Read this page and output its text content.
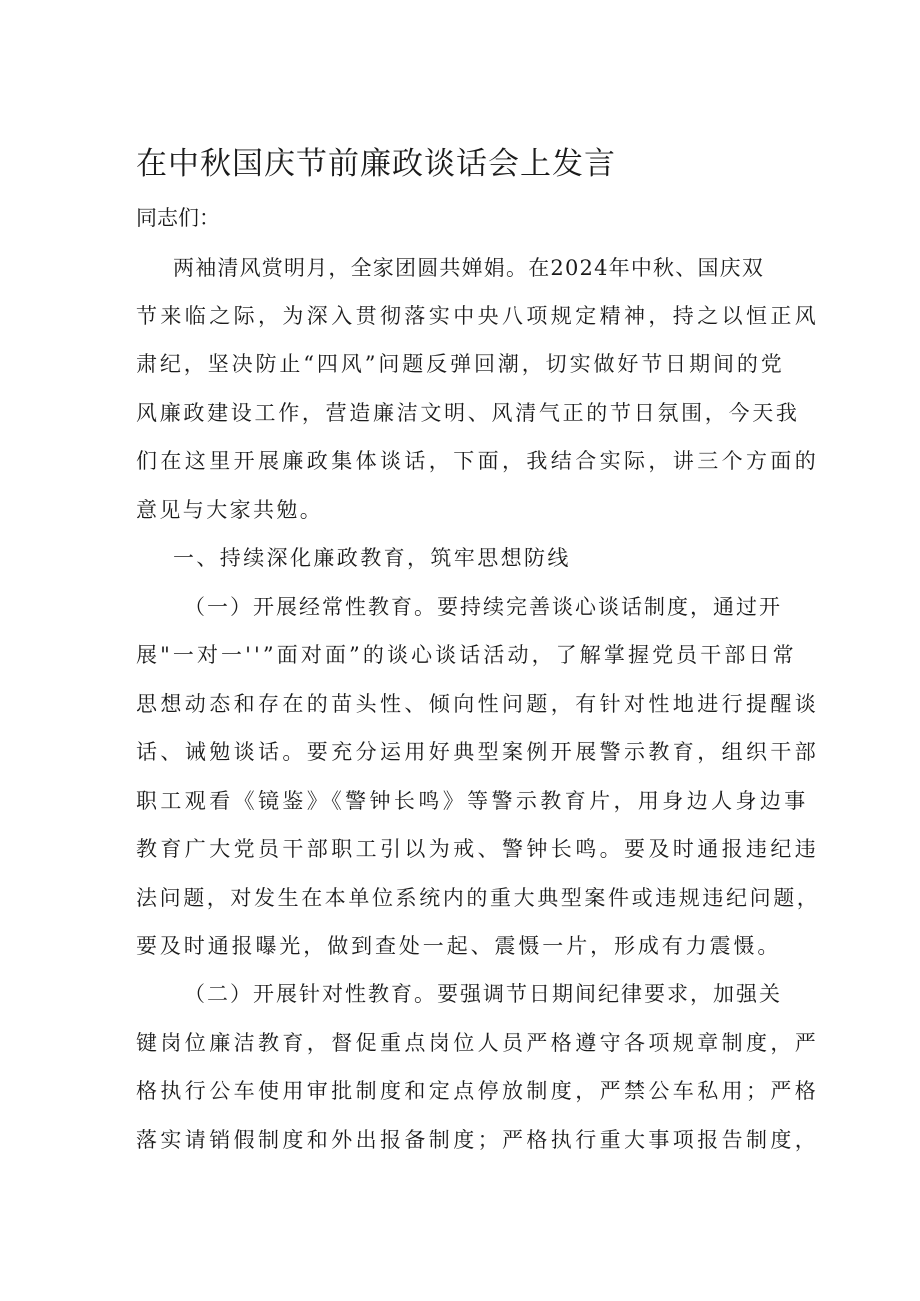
在中秋国庆节前廉政谈话会上发言

同志们：

两袖清风赏明月，全家团圆共婵娟。在2024年中秋、国庆双

节来临之际，为深入贯彻落实中央八项规定精神，持之以恒正风

肃纪，坚决防止“四风”问题反弹回潮，切实做好节日期间的党

风廉政建设工作，营造廉洁文明、风清气正的节日氛围，今天我

们在这里开展廉政集体谈话，下面，我结合实际，讲三个方面的

意见与大家共勉。

一、持续深化廉政教育，筑牢思想防线

（一）开展经常性教育。要持续完善谈心谈话制度，通过开

展"一对一''”面对面”的谈心谈话活动，了解掌握党员干部日常

思想动态和存在的苗头性、倾向性问题，有针对性地进行提醒谈

话、诫勉谈话。要充分运用好典型案例开展警示教育，组织干部

职工观看《镜鉴》《警钟长鸣》等警示教育片，用身边人身边事

教育广大党员干部职工引以为戒、警钟长鸣。要及时通报违纪违

法问题，对发生在本单位系统内的重大典型案件或违规违纪问题，

要及时通报曝光，做到查处一起、震慑一片，形成有力震慑。

（二）开展针对性教育。要强调节日期间纪律要求，加强关

键岗位廉洁教育，督促重点岗位人员严格遵守各项规章制度，严

格执行公车使用审批制度和定点停放制度，严禁公车私用；严格

落实请销假制度和外出报备制度；严格执行重大事项报告制度，
